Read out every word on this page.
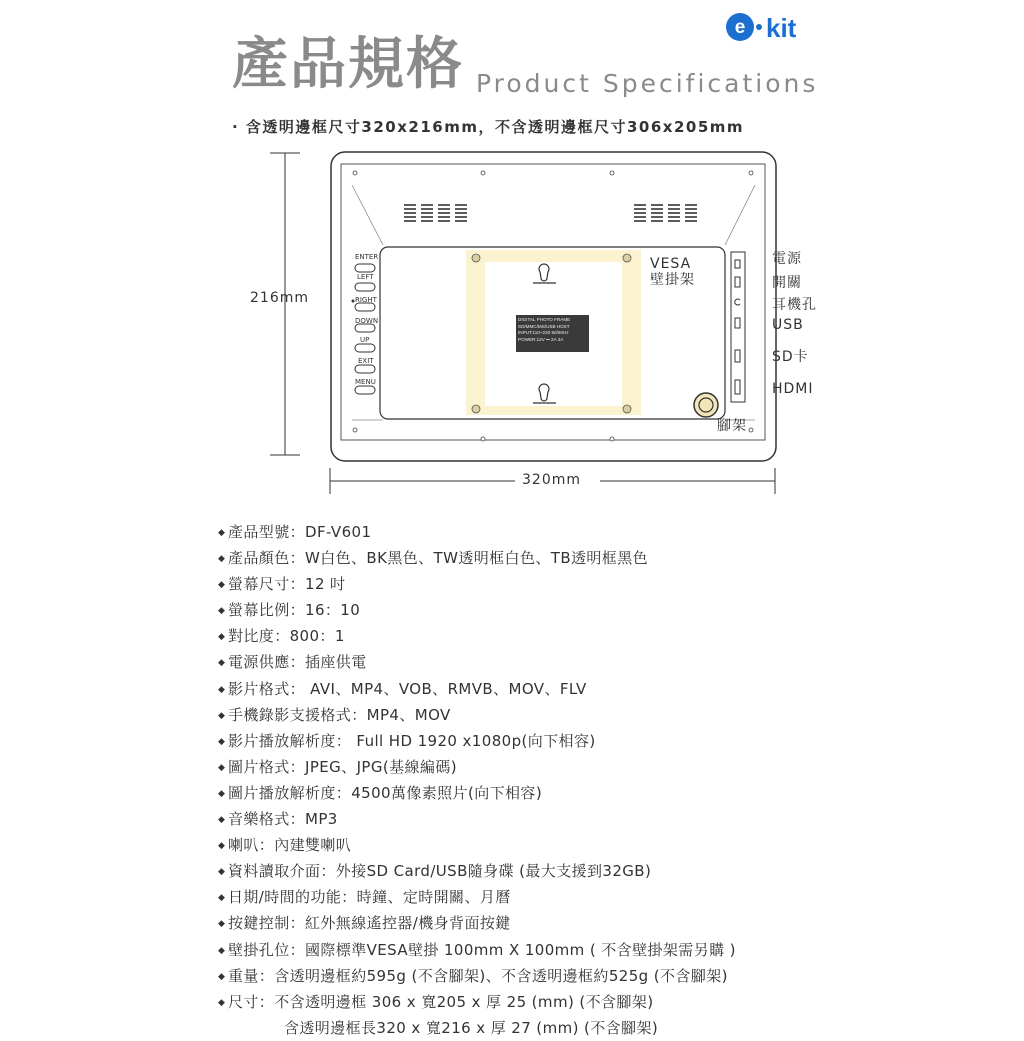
e kit
產品規格 Product Specifications
· 含透明邊框尺寸320x216mm，不含透明邊框尺寸306x205mm
216mm
320mm
ENTER
LEFT
RIGHT
DOWN
UP
EXIT
MENU
DIGITAL PHOTO FRAME
SD/MMC/MS/USB HOST
INPUT:110~220 50/60Hz
POWER:12V ⎓ 2A 3A
VESA
壁掛架
腳架
電源
開關
耳機孔
USB
SD卡
HDMI
◆ 產品型號：DF-V601
◆ 產品顏色：W白色、BK黑色、TW透明框白色、TB透明框黑色
◆ 螢幕尺寸：12 吋
◆ 螢幕比例：16：10
◆ 對比度：800：1
◆ 電源供應：插座供電
◆ 影片格式： AVI、MP4、VOB、RMVB、MOV、FLV
◆ 手機錄影支援格式：MP4、MOV
◆ 影片播放解析度： Full HD 1920 x1080p(向下相容)
◆ 圖片格式：JPEG、JPG(基線編碼)
◆ 圖片播放解析度：4500萬像素照片(向下相容)
◆ 音樂格式：MP3
◆ 喇叭：內建雙喇叭
◆ 資料讀取介面：外接SD Card/USB隨身碟 (最大支援到32GB)
◆ 日期/時間的功能：時鐘、定時開關、月曆
◆ 按鍵控制：紅外無線遙控器/機身背面按鍵
◆ 壁掛孔位：國際標準VESA壁掛 100mm X 100mm ( 不含壁掛架需另購 )
◆ 重量：含透明邊框約595g (不含腳架)、不含透明邊框約525g (不含腳架)
◆ 尺寸：不含透明邊框 306 x 寬205 x 厚 25 (mm) (不含腳架)
含透明邊框長320 x 寬216 x 厚 27 (mm) (不含腳架)
